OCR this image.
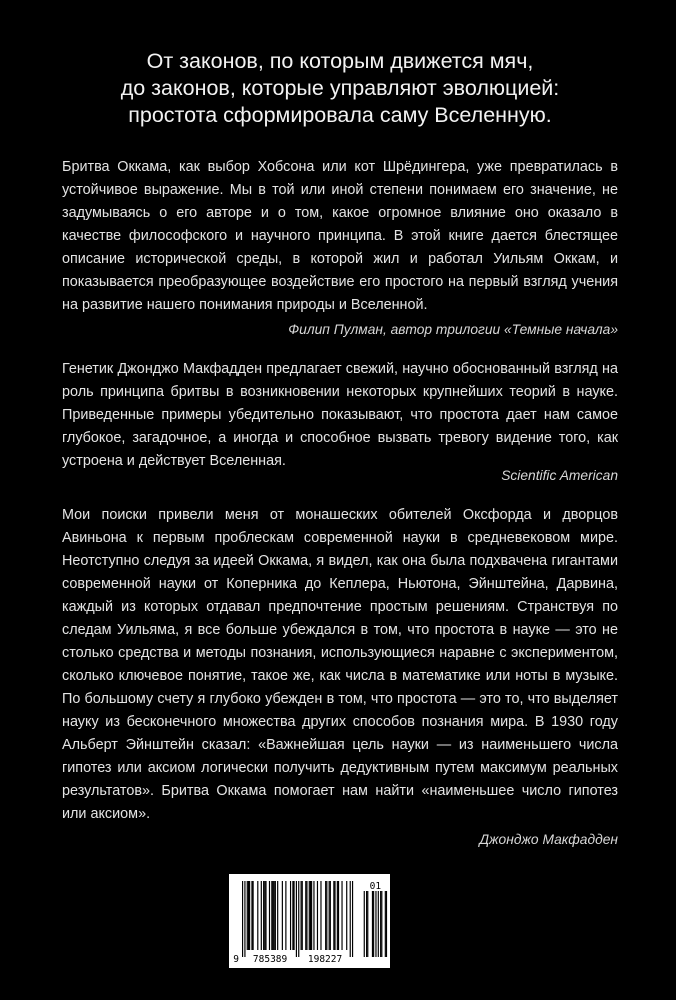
От законов, по которым движется мяч,
до законов, которые управляют эволюцией:
простота сформировала саму Вселенную.

Бритва Оккама, как выбор Хобсона или кот Шрёдингера, уже превратилась в устойчивое выражение. Мы в той или иной степени понимаем его значение, не задумываясь о его авторе и о том, какое огромное влияние оно оказало в качестве философского и научного принципа. В этой книге дается блестящее описание исторической среды, в которой жил и работал Уильям Оккам, и показывается преобразующее воздействие его простого на первый взгляд учения на развитие нашего понимания природы и Вселенной.

Филип Пулман, автор трилогии «Темные начала»

Генетик Джонджо Макфадден предлагает свежий, научно обоснованный взгляд на роль принципа бритвы в возникновении некоторых крупнейших теорий в науке. Приведенные примеры убедительно показывают, что простота дает нам самое глубокое, загадочное, а иногда и способное вызвать тревогу видение того, как устроена и действует Вселенная.

Scientific American

Мои поиски привели меня от монашеских обителей Оксфорда и дворцов Авиньона к первым проблескам современной науки в средневековом мире. Неотступно следуя за идеей Оккама, я видел, как она была подхвачена гигантами современной науки от Коперника до Кеплера, Ньютона, Эйнштейна, Дарвина, каждый из которых отдавал предпочтение простым решениям. Странствуя по следам Уильяма, я все больше убеждался в том, что простота в науке — это не столько средства и методы познания, использующиеся наравне с экспериментом, сколько ключевое понятие, такое же, как числа в математике или ноты в музыке. По большому счету я глубоко убежден в том, что простота — это то, что выделяет науку из бесконечного множества других способов познания мира. В 1930 году Альберт Эйнштейн сказал: «Важнейшая цель науки — из наименьшего числа гипотез или аксиом логически получить дедуктивным путем максимум реальных результатов». Бритва Оккама помогает нам найти «наименьшее число гипотез или аксиом».

Джонджо Макфадден
9 785389 198227
01
